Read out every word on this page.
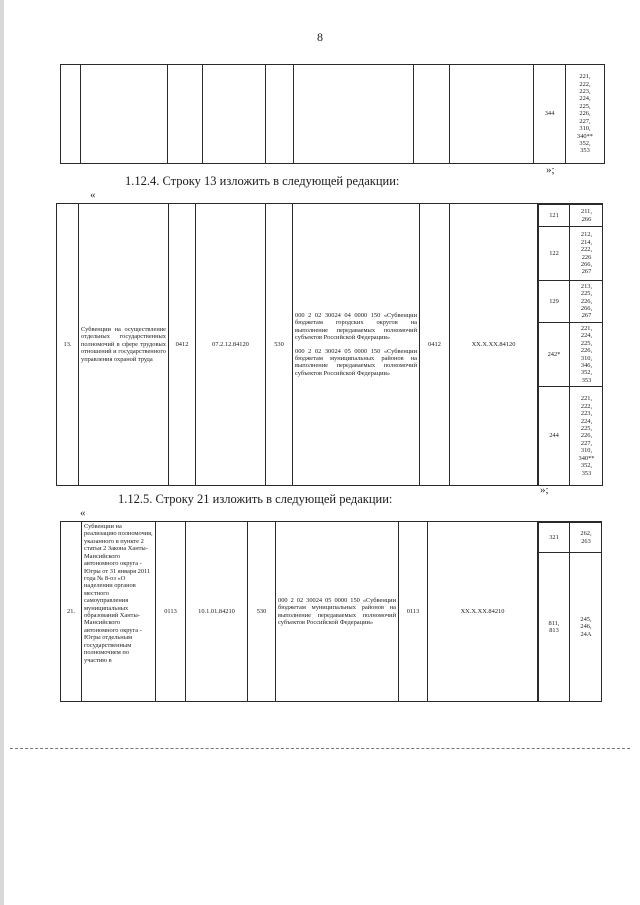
8
								344	221,
222,
223,
224,
225,
226,
227,
310,
340**
352,
353
»;
1.12.4. Строку 13 изложить в следующей редакции:
«
13.	Субвенции на осуществление отдельных государственных полномочий в сфере трудовых отношений и государственного управления охраной труда	0412	07.2.12.84120	530	
000 2 02 30024 04 0000 150 «Субвенции бюджетам городских округов на выполнение передаваемых полномочий субъектов Российской Федерации»
000 2 02 30024 05 0000 150 «Субвенции бюджетам муниципальных районов на выполнение передаваемых полномочий субъектов Российской Федерации»
	0412	XX.X.XX.84120	
121	211,
266
122	212,
214,
222,
226
266,
267
129	213,
225,
226,
266,
267
242*	221,
224,
225,
226,
310,
346,
352,
353
244	221,
222,
223,
224,
225,
226,
227,
310,
340**
352,
353
»;
1.12.5. Строку 21 изложить в следующей редакции:
«
21.	Субвенции на реализацию полномочия, указанного в пункте 2 статьи 2 Закона Ханты-Мансийского автономного округа - Югры от 31 января 2011 года № 8-оз «О наделении органов местного самоуправления муниципальных образований Ханты-Мансийского автономного округа - Югры отдельным государственным полномочием по участию в	0113	10.1.01.84210	530	000 2 02 30024 05 0000 150 «Субвенции бюджетам муниципальных районов на выполнение передаваемых полномочий субъектов Российской Федерации»	0113	XX.X.XX.84210	
321	262,
263
811,
813	245,
246,
24A
